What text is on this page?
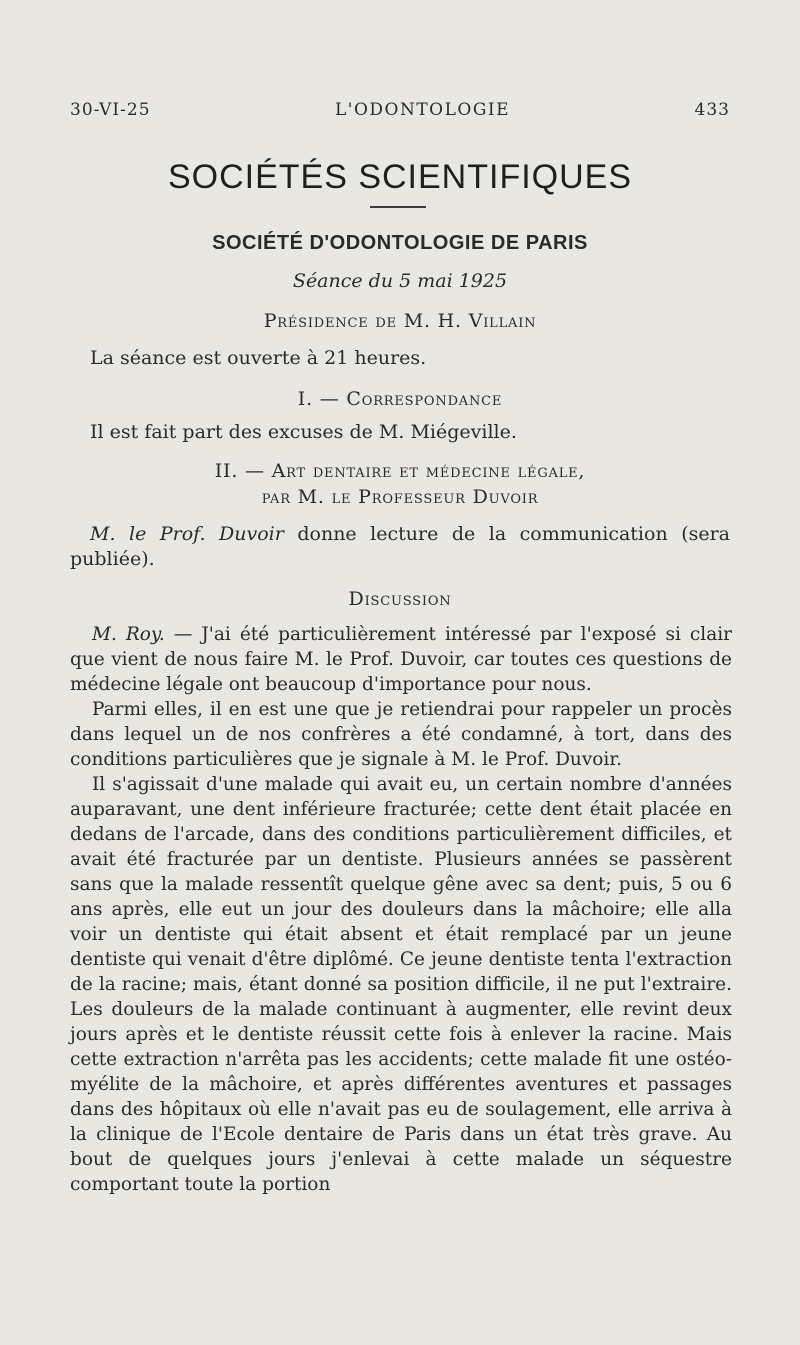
30-VI-25	L'ODONTOLOGIE	433
SOCIÉTÉS SCIENTIFIQUES
SOCIÉTÉ D'ODONTOLOGIE DE PARIS
Séance du 5 mai 1925
Présidence de M. H. Villain
La séance est ouverte à 21 heures.
I. — Correspondance
Il est fait part des excuses de M. Miégeville.
II. — Art dentaire et médecine légale,
par M. le Professeur Duvoir
M. le Prof. Duvoir donne lecture de la communication (sera publiée).
Discussion

M. Roy. — J'ai été particulièrement intéressé par l'exposé si clair que vient de nous faire M. le Prof. Duvoir, car toutes ces questions de médecine légale ont beaucoup d'importance pour nous.

Parmi elles, il en est une que je retiendrai pour rappeler un procès dans lequel un de nos confrères a été condamné, à tort, dans des conditions particulières que je signale à M. le Prof. Duvoir.

Il s'agissait d'une malade qui avait eu, un certain nombre d'années auparavant, une dent inférieure fracturée; cette dent était placée en dedans de l'arcade, dans des conditions particulièrement difficiles, et avait été fracturée par un dentiste. Plusieurs années se passèrent sans que la malade ressentît quelque gêne avec sa dent; puis, 5 ou 6 ans après, elle eut un jour des douleurs dans la mâchoire; elle alla voir un dentiste qui était absent et était remplacé par un jeune dentiste qui venait d'être diplômé. Ce jeune dentiste tenta l'extraction de la racine; mais, étant donné sa position difficile, il ne put l'extraire. Les douleurs de la malade continuant à augmenter, elle revint deux jours après et le dentiste réussit cette fois à enlever la racine. Mais cette extraction n'arrêta pas les accidents; cette malade fit une ostéo-myélite de la mâchoire, et après différentes aventures et passages dans des hôpitaux où elle n'avait pas eu de soulagement, elle arriva à la clinique de l'Ecole dentaire de Paris dans un état très grave. Au bout de quelques jours j'enlevai à cette malade un séquestre comportant toute la portion
